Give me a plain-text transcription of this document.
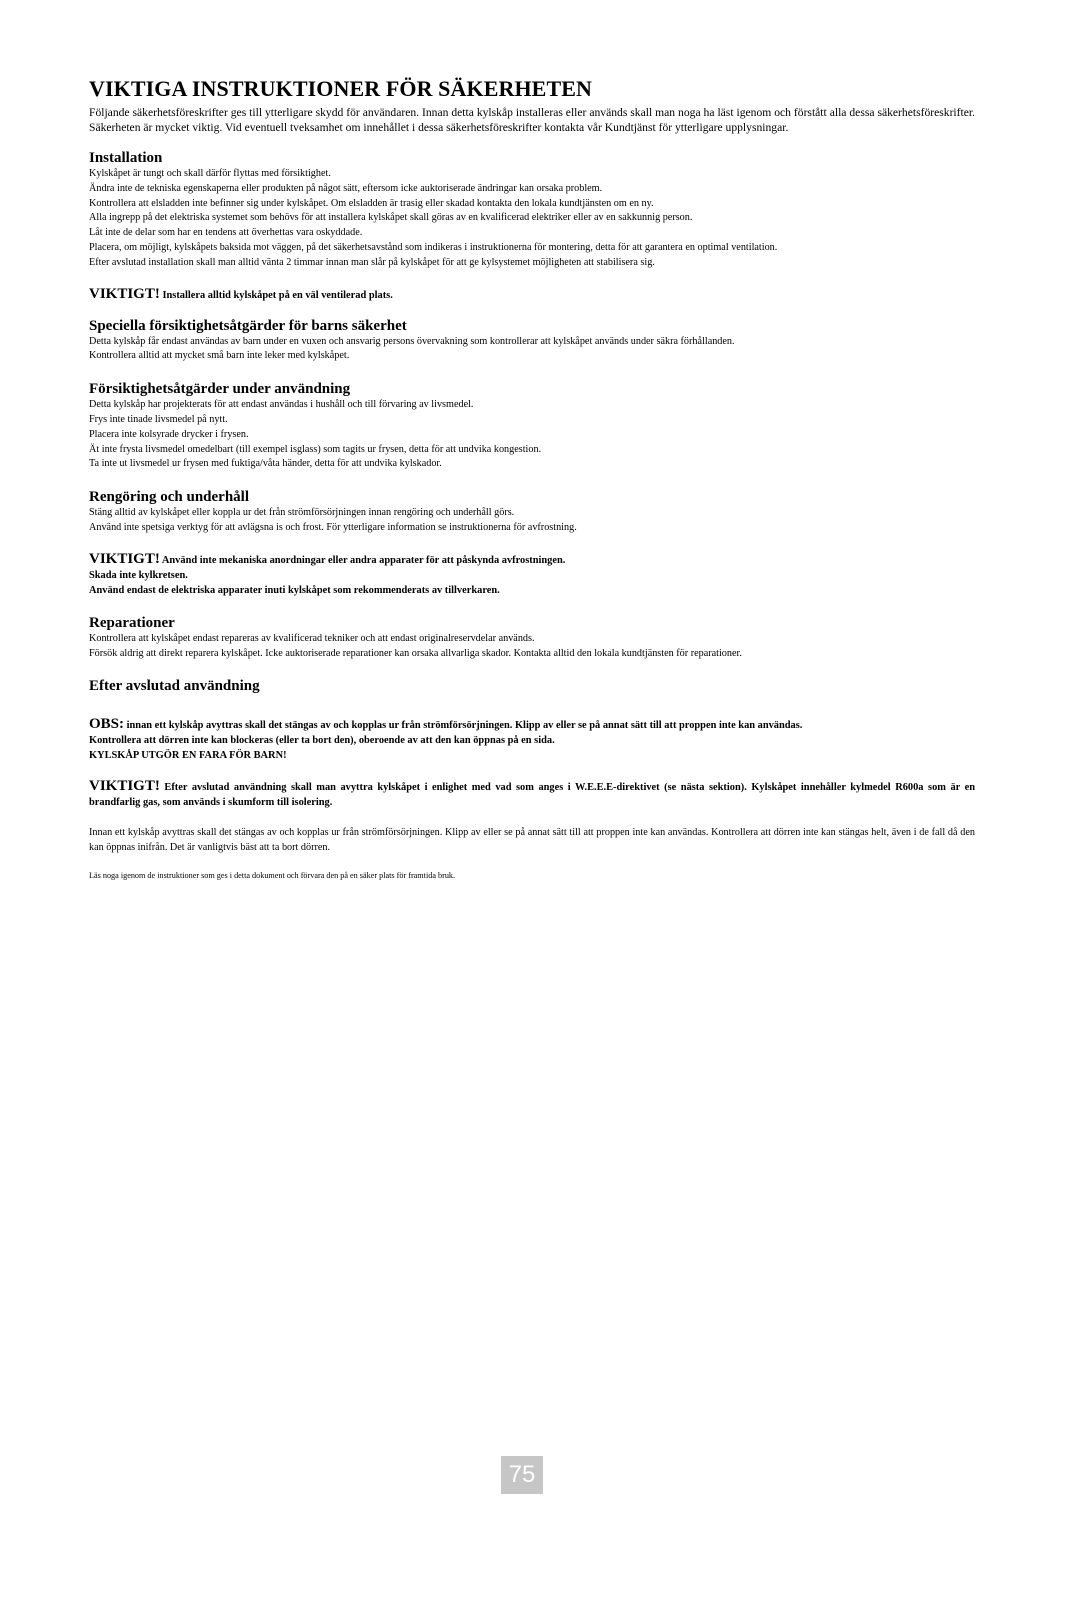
VIKTIGA INSTRUKTIONER FÖR SÄKERHETEN

Följande säkerhetsföreskrifter ges till ytterligare skydd för användaren. Innan detta kylskåp installeras eller används skall man noga ha läst igenom och förstått alla dessa säkerhetsföreskrifter. Säkerheten är mycket viktig. Vid eventuell tveksamhet om innehållet i dessa säkerhetsföreskrifter kontakta vår Kundtjänst för ytterligare upplysningar.

Installation

Kylskåpet är tungt och skall därför flyttas med försiktighet.

Ändra inte de tekniska egenskaperna eller produkten på något sätt, eftersom icke auktoriserade ändringar kan orsaka problem.

Kontrollera att elsladden inte befinner sig under kylskåpet. Om elsladden är trasig eller skadad kontakta den lokala kundtjänsten om en ny.

Alla ingrepp på det elektriska systemet som behövs för att installera kylskåpet skall göras av en kvalificerad elektriker eller av en sakkunnig person.

Låt inte de delar som har en tendens att överhettas vara oskyddade.

Placera, om möjligt, kylskåpets baksida mot väggen, på det säkerhetsavstånd som indikeras i instruktionerna för montering, detta för att garantera en optimal ventilation.

Efter avslutad installation skall man alltid vänta 2 timmar innan man slår på kylskåpet för att ge kylsystemet möjligheten att stabilisera sig.

VIKTIGT! Installera alltid kylskåpet på en väl ventilerad plats.

Speciella försiktighetsåtgärder för barns säkerhet

Detta kylskåp får endast användas av barn under en vuxen och ansvarig persons övervakning som kontrollerar att kylskåpet används under säkra förhållanden.

Kontrollera alltid att mycket små barn inte leker med kylskåpet.

Försiktighetsåtgärder under användning

Detta kylskåp har projekterats för att endast användas i hushåll och till förvaring av livsmedel.

Frys inte tinade livsmedel på nytt.

Placera inte kolsyrade drycker i frysen.

Ät inte frysta livsmedel omedelbart (till exempel isglass) som tagits ur frysen, detta för att undvika kongestion.

Ta inte ut livsmedel ur frysen med fuktiga/våta händer, detta för att undvika kylskador.

Rengöring och underhåll

Stäng alltid av kylskåpet eller koppla ur det från strömförsörjningen innan rengöring och underhåll görs.

Använd inte spetsiga verktyg för att avlägsna is och frost. För ytterligare information se instruktionerna för avfrostning.

VIKTIGT! Använd inte mekaniska anordningar eller andra apparater för att påskynda avfrostningen.

Skada inte kylkretsen.

Använd endast de elektriska apparater inuti kylskåpet som rekommenderats av tillverkaren.

Reparationer

Kontrollera att kylskåpet endast repareras av kvalificerad tekniker och att endast originalreservdelar används.

Försök aldrig att direkt reparera kylskåpet. Icke auktoriserade reparationer kan orsaka allvarliga skador. Kontakta alltid den lokala kundtjänsten för reparationer.

Efter avslutad användning

OBS: innan ett kylskåp avyttras skall det stängas av och kopplas ur från strömförsörjningen. Klipp av eller se på annat sätt till att proppen inte kan användas.

Kontrollera att dörren inte kan blockeras (eller ta bort den), oberoende av att den kan öppnas på en sida.

KYLSKÅP UTGÖR EN FARA FÖR BARN!

VIKTIGT! Efter avslutad användning skall man avyttra kylskåpet i enlighet med vad som anges i W.E.E.E-direktivet (se nästa sektion). Kylskåpet innehåller kylmedel R600a som är en brandfarlig gas, som används i skumform till isolering.

Innan ett kylskåp avyttras skall det stängas av och kopplas ur från strömförsörjningen. Klipp av eller se på annat sätt till att proppen inte kan användas. Kontrollera att dörren inte kan stängas helt, även i de fall då den kan öppnas inifrån. Det är vanligtvis bäst att ta bort dörren.

Läs noga igenom de instruktioner som ges i detta dokument och förvara den på en säker plats för framtida bruk.

75
